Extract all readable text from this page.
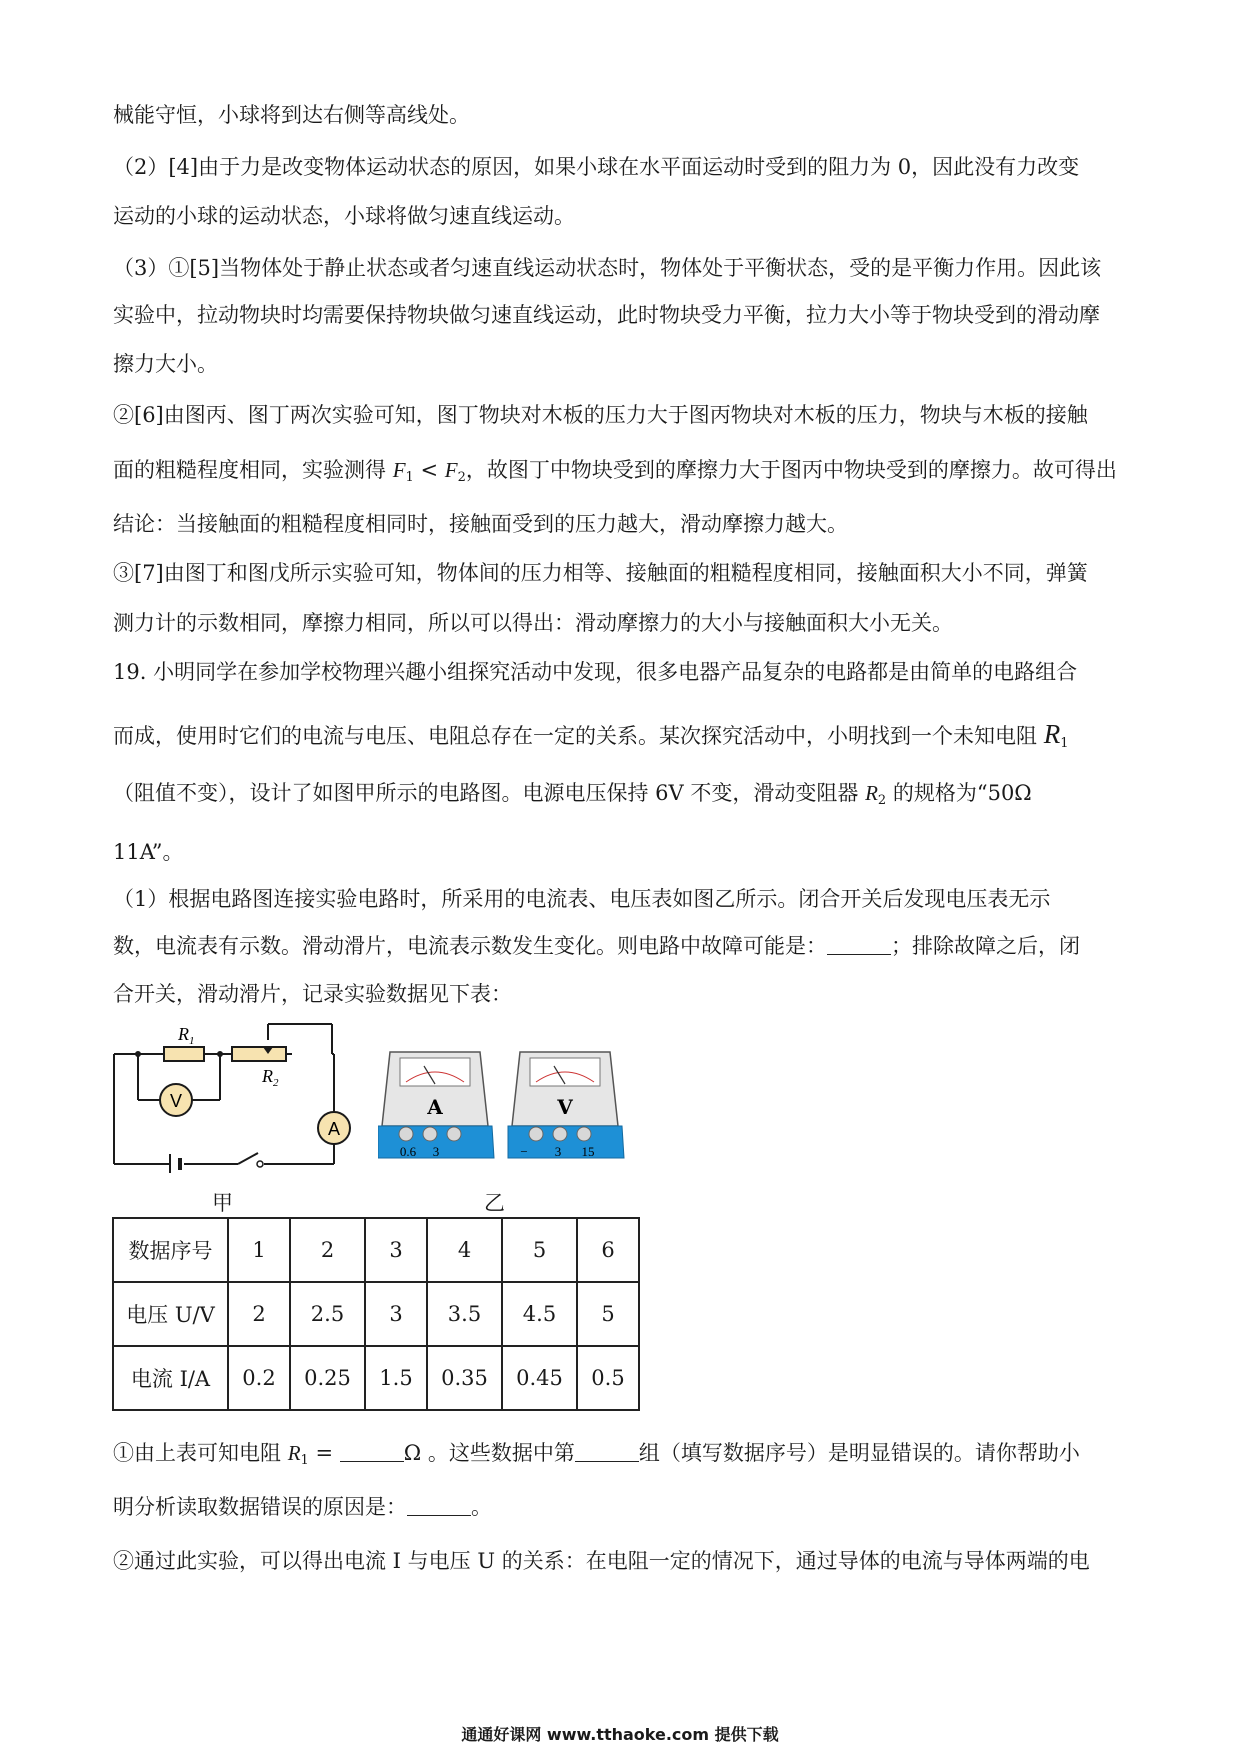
械能守恒，小球将到达右侧等高线处。
（2）[4]由于力是改变物体运动状态的原因，如果小球在水平面运动时受到的阻力为 0，因此没有力改变
运动的小球的运动状态，小球将做匀速直线运动。
（3）①[5]当物体处于静止状态或者匀速直线运动状态时，物体处于平衡状态，受的是平衡力作用。因此该
实验中，拉动物块时均需要保持物块做匀速直线运动，此时物块受力平衡，拉力大小等于物块受到的滑动摩
擦力大小。
②[6]由图丙、图丁两次实验可知，图丁物块对木板的压力大于图丙物块对木板的压力，物块与木板的接触
面的粗糙程度相同，实验测得 $F_1 < F_2$，故图丁中物块受到的摩擦力大于图丙中物块受到的摩擦力。故可得出
结论：当接触面的粗糙程度相同时，接触面受到的压力越大，滑动摩擦力越大。
③[7]由图丁和图戊所示实验可知，物体间的压力相等、接触面的粗糙程度相同，接触面积大小不同，弹簧
测力计的示数相同，摩擦力相同，所以可以得出：滑动摩擦力的大小与接触面积大小无关。
19. 小明同学在参加学校物理兴趣小组探究活动中发现，很多电器产品复杂的电路都是由简单的电路组合
而成，使用时它们的电流与电压、电阻总存在一定的关系。某次探究活动中，小明找到一个未知电阻 $R_1$
（阻值不变），设计了如图甲所示的电路图。电源电压保持 6V 不变，滑动变阻器 $R_2$ 的规格为“50Ω
11A”。
（1）根据电路图连接实验电路时，所采用的电流表、电压表如图乙所示。闭合开关后发现电压表无示
数，电流表有示数。滑动滑片，电流表示数发生变化。则电路中故障可能是：	；排除故障之后，闭
合开关，滑动滑片，记录实验数据见下表：
V
A
$R_1$
$R_2$
甲
A
0.6 3
V
− 3 15
乙
数据序号	1	2	3	4	5	6
电压 U/V	2	2.5	3	3.5	4.5	5
电流 I/A	0.2	0.25	1.5	0.35	0.45	0.5
①由上表可知电阻 $R_1$ =	Ω 。这些数据中第	组（填写数据序号）是明显错误的。请你帮助小
明分析读取数据错误的原因是：	。
②通过此实验，可以得出电流 I 与电压 U 的关系：在电阻一定的情况下，通过导体的电流与导体两端的电
通通好课网 www.tthaoke.com 提供下载
